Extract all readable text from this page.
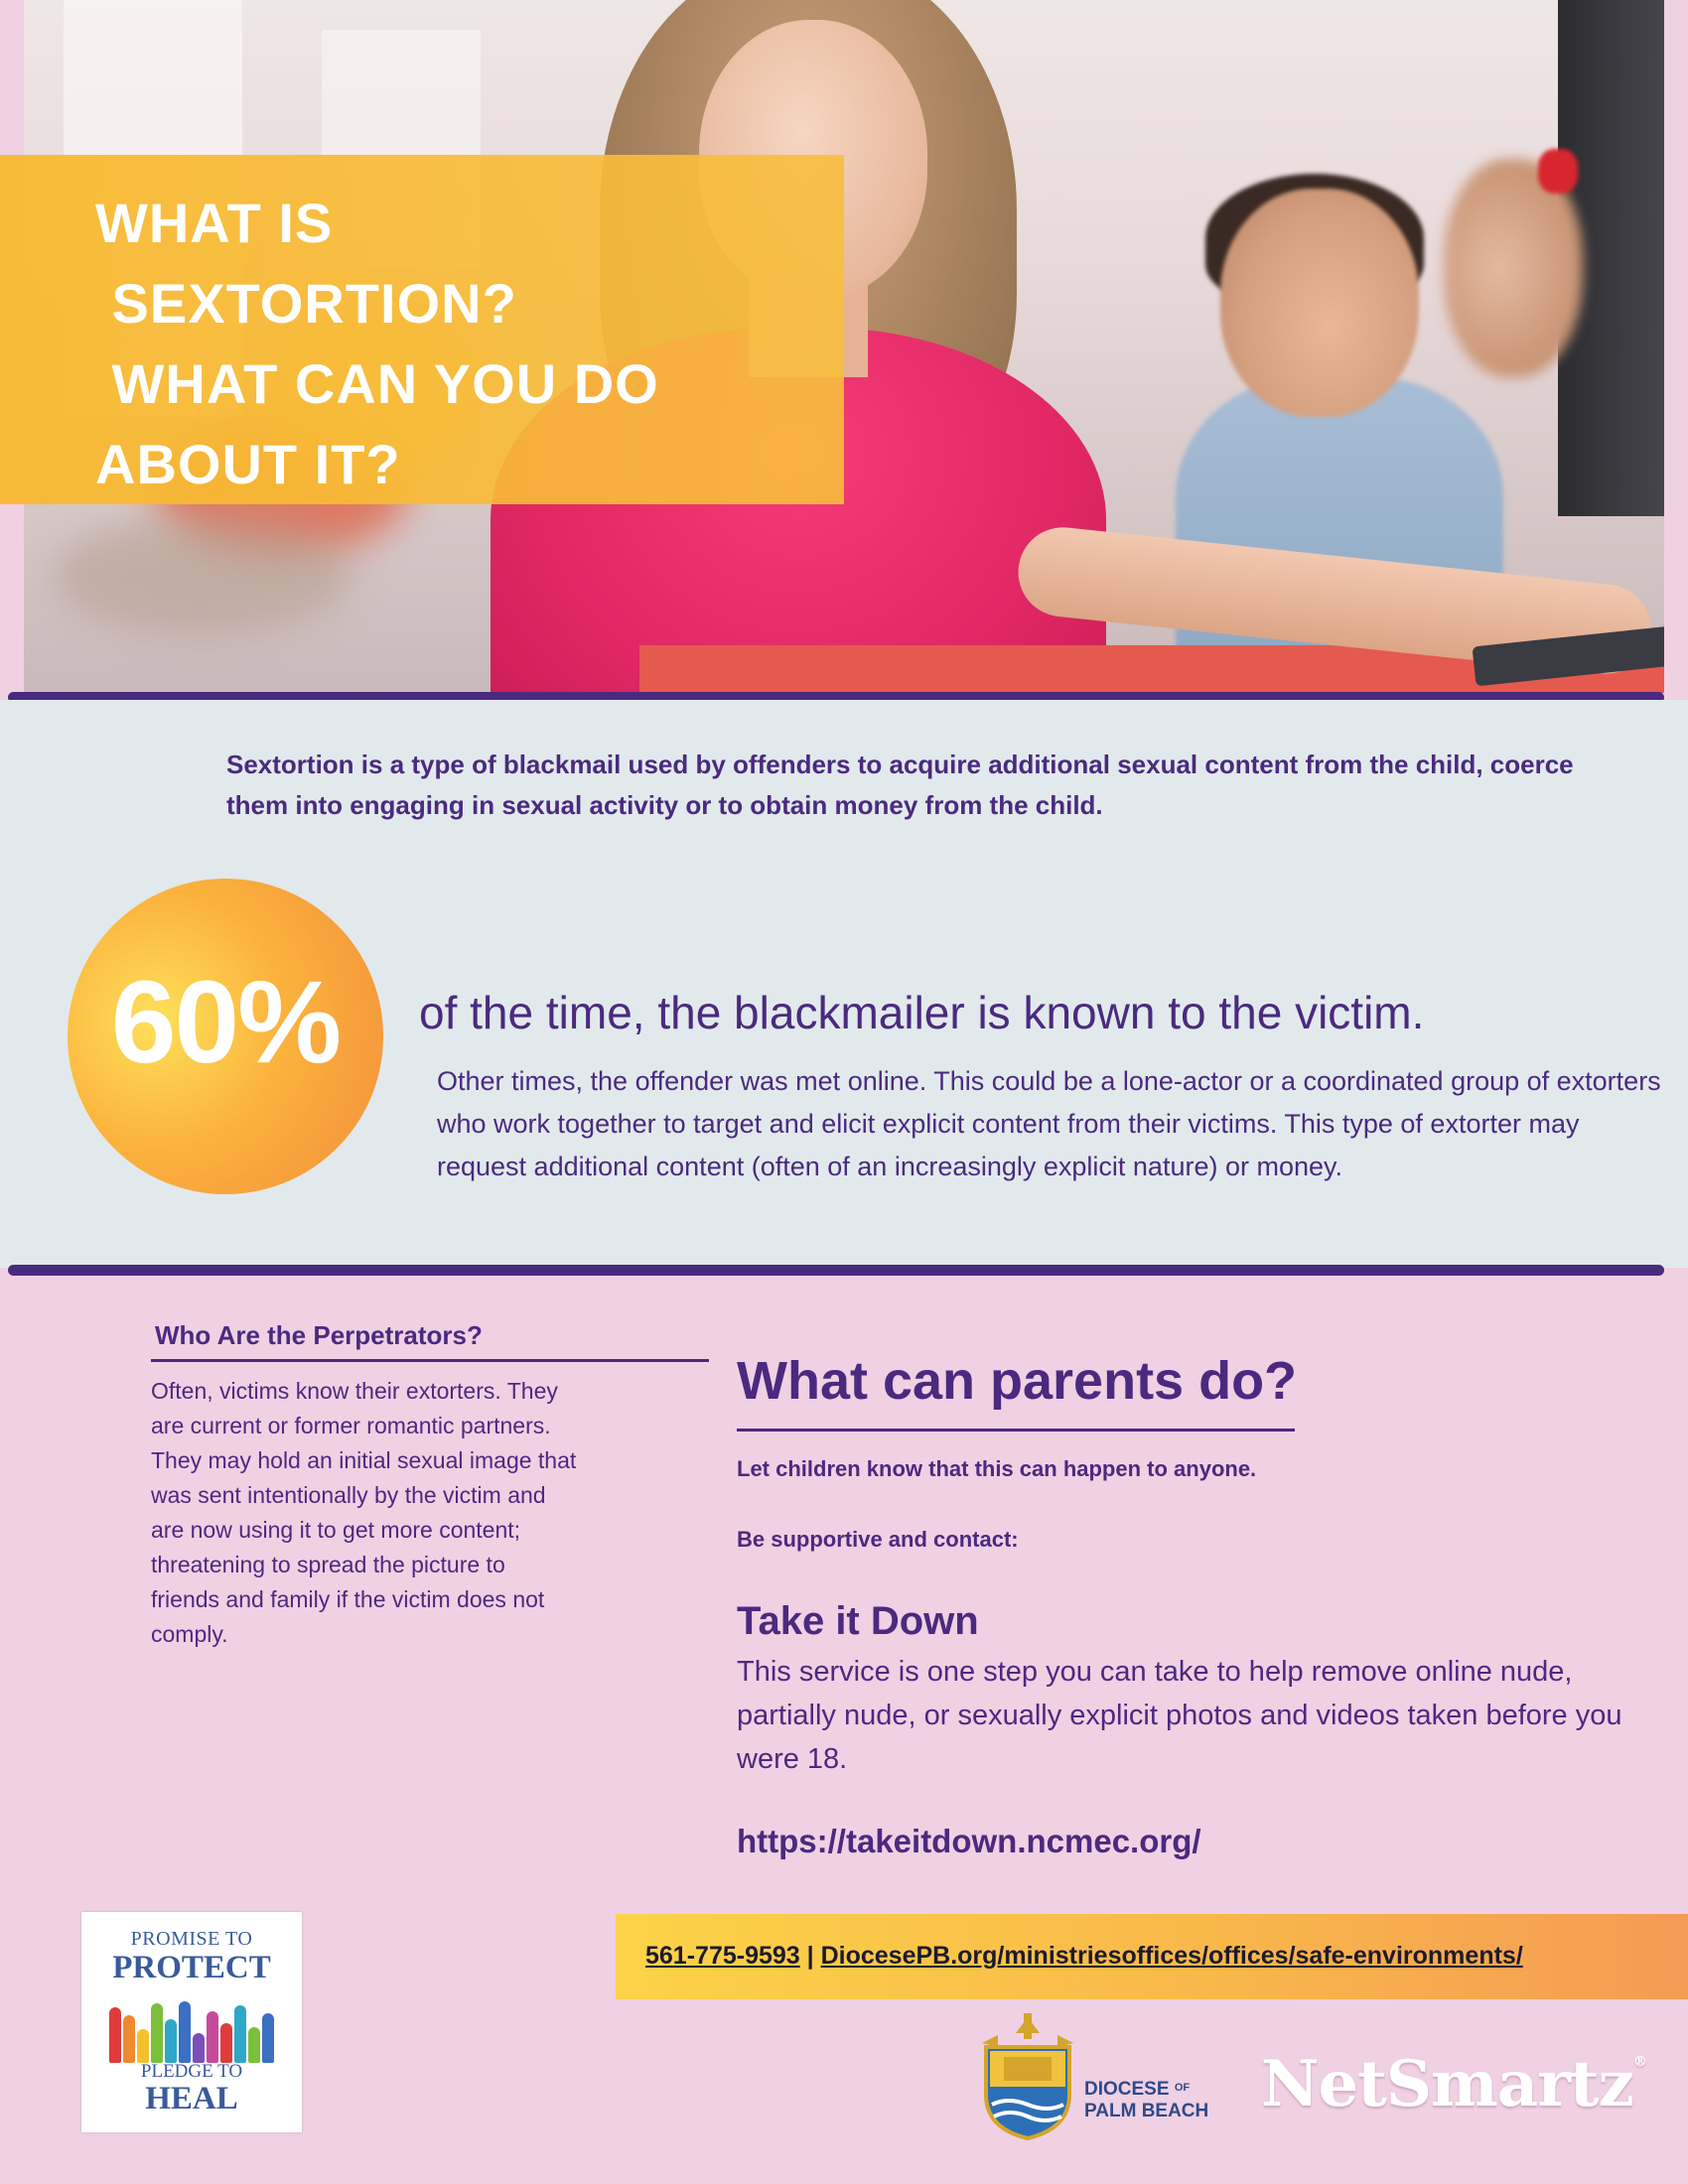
WHAT IS
SEXTORTION?
WHAT CAN YOU DO
ABOUT IT?

Sextortion is a type of blackmail used by offenders to acquire additional sexual content from the child, coerce them into engaging in sexual activity or to obtain money from the child.

60%	of the time, the blackmailer is known to the victim.

Other times, the offender was met online. This could be a lone-actor or a coordinated group of extorters who work together to target and elicit explicit content from their victims. This type of extorter may request additional content (often of an increasingly explicit nature) or money.

Who Are the Perpetrators?

Often, victims know their extorters. They are current or former romantic partners. They may hold an initial sexual image that was sent intentionally by the victim and are now using it to get more content; threatening to spread the picture to friends and family if the victim does not comply.

What can parents do?

Let children know that this can happen to anyone.

Be supportive and contact:

Take it Down

This service is one step you can take to help remove online nude, partially nude, or sexually explicit photos and videos taken before you were 18.

https://takeitdown.ncmec.org/
PROMISE TO
PROTECT
PLEDGE TO
HEAL
561-775-9593 | DiocesePB.org/ministriesoffices/offices/safe-environments/
DIOCESE $^{OF}$
PALM BEACH NetSmartz®
